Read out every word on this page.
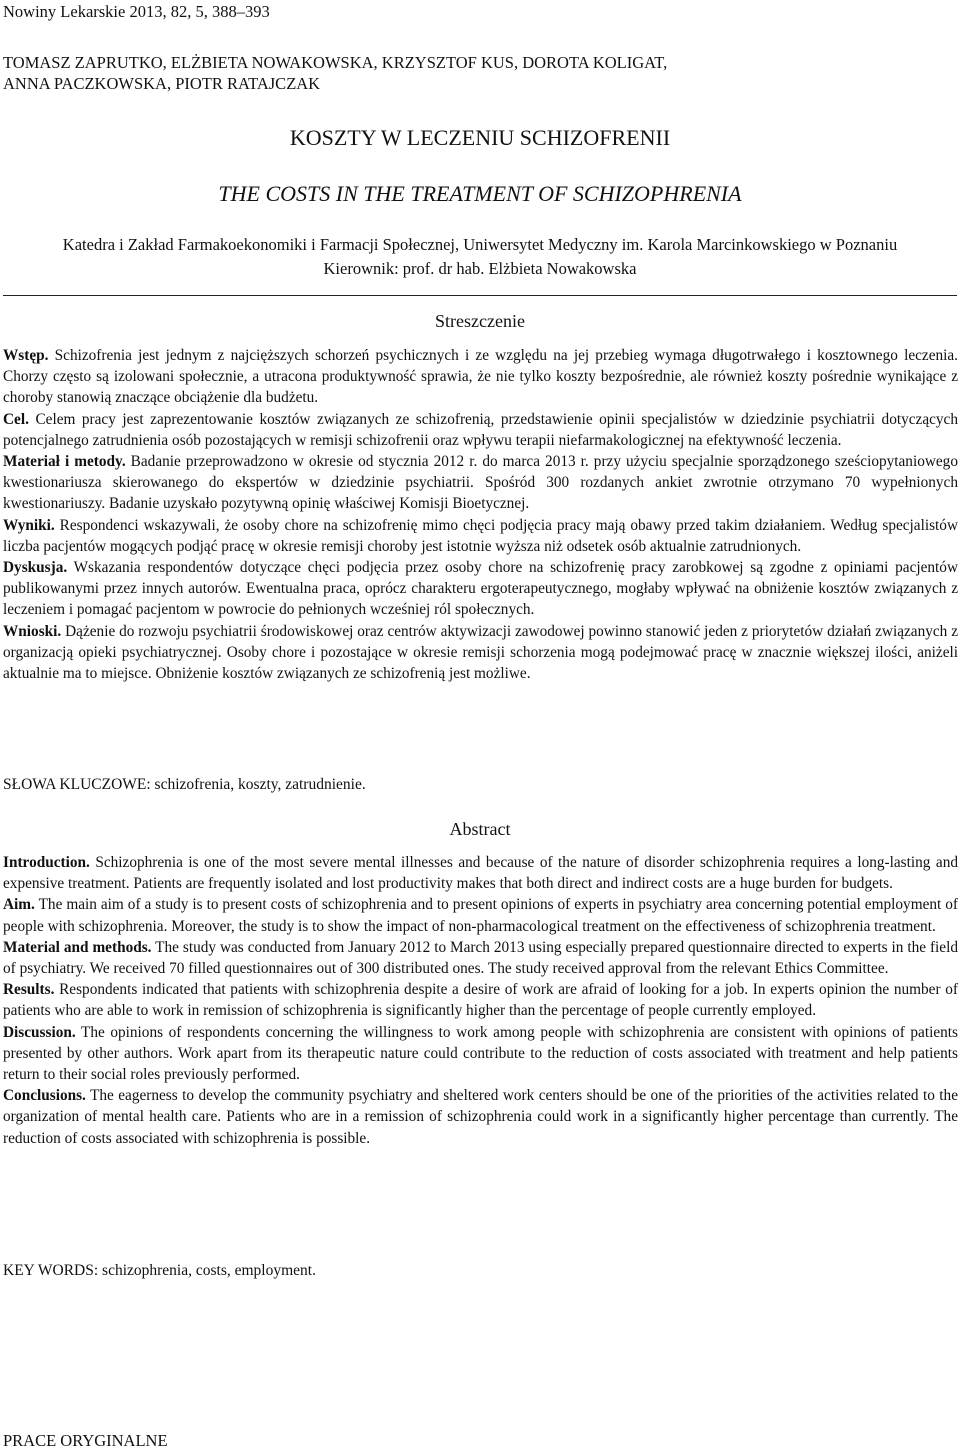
Nowiny Lekarskie 2013, 82, 5, 388–393
TOMASZ ZAPRUTKO, ELŻBIETA NOWAKOWSKA, KRZYSZTOF KUS, DOROTA KOLIGAT,
ANNA PACZKOWSKA, PIOTR RATAJCZAK
KOSZTY W LECZENIU SCHIZOFRENII
THE COSTS IN THE TREATMENT OF SCHIZOPHRENIA
Katedra i Zakład Farmakoekonomiki i Farmacji Społecznej, Uniwersytet Medyczny im. Karola Marcinkowskiego w Poznaniu
Kierownik: prof. dr hab. Elżbieta Nowakowska
Streszczenie

Wstęp. Schizofrenia jest jednym z najcięższych schorzeń psychicznych i ze względu na jej przebieg wymaga długotrwałego i kosztownego leczenia. Chorzy często są izolowani społecznie, a utracona produktywność sprawia, że nie tylko koszty bezpośrednie, ale również koszty pośrednie wynikające z choroby stanowią znaczące obciążenie dla budżetu.

Cel. Celem pracy jest zaprezentowanie kosztów związanych ze schizofrenią, przedstawienie opinii specjalistów w dziedzinie psychiatrii dotyczących potencjalnego zatrudnienia osób pozostających w remisji schizofrenii oraz wpływu terapii niefarmakologicznej na efektywność leczenia.

Materiał i metody. Badanie przeprowadzono w okresie od stycznia 2012 r. do marca 2013 r. przy użyciu specjalnie sporządzonego sześciopytaniowego kwestionariusza skierowanego do ekspertów w dziedzinie psychiatrii. Spośród 300 rozdanych ankiet zwrotnie otrzymano 70 wypełnionych kwestionariuszy. Badanie uzyskało pozytywną opinię właściwej Komisji Bioetycznej.

Wyniki. Respondenci wskazywali, że osoby chore na schizofrenię mimo chęci podjęcia pracy mają obawy przed takim działaniem. Według specjalistów liczba pacjentów mogących podjąć pracę w okresie remisji choroby jest istotnie wyższa niż odsetek osób aktualnie zatrudnionych.

Dyskusja. Wskazania respondentów dotyczące chęci podjęcia przez osoby chore na schizofrenię pracy zarobkowej są zgodne z opiniami pacjentów publikowanymi przez innych autorów. Ewentualna praca, oprócz charakteru ergoterapeutycznego, mogłaby wpływać na obniżenie kosztów związanych z leczeniem i pomagać pacjentom w powrocie do pełnionych wcześniej ról społecznych.

Wnioski. Dążenie do rozwoju psychiatrii środowiskowej oraz centrów aktywizacji zawodowej powinno stanowić jeden z priorytetów działań związanych z organizacją opieki psychiatrycznej. Osoby chore i pozostające w okresie remisji schorzenia mogą podejmować pracę w znacznie większej ilości, aniżeli aktualnie ma to miejsce. Obniżenie kosztów związanych ze schizofrenią jest możliwe.

SŁOWA KLUCZOWE: schizofrenia, koszty, zatrudnienie.
Abstract

Introduction. Schizophrenia is one of the most severe mental illnesses and because of the nature of disorder schizophrenia requires a long-lasting and expensive treatment. Patients are frequently isolated and lost productivity makes that both direct and indirect costs are a huge burden for budgets.

Aim. The main aim of a study is to present costs of schizophrenia and to present opinions of experts in psychiatry area concerning potential employment of people with schizophrenia. Moreover, the study is to show the impact of non-pharmacological treatment on the effectiveness of schizophrenia treatment.

Material and methods. The study was conducted from January 2012 to March 2013 using especially prepared questionnaire directed to experts in the field of psychiatry. We received 70 filled questionnaires out of 300 distributed ones. The study received approval from the relevant Ethics Committee.

Results. Respondents indicated that patients with schizophrenia despite a desire of work are afraid of looking for a job. In experts opinion the number of patients who are able to work in remission of schizophrenia is significantly higher than the percentage of people currently employed.

Discussion. The opinions of respondents concerning the willingness to work among people with schizophrenia are consistent with opinions of patients presented by other authors. Work apart from its therapeutic nature could contribute to the reduction of costs associated with treatment and help patients return to their social roles previously performed.

Conclusions. The eagerness to develop the community psychiatry and sheltered work centers should be one of the priorities of the activities related to the organization of mental health care. Patients who are in a remission of schizophrenia could work in a significantly higher percentage than currently. The reduction of costs associated with schizophrenia is possible.

KEY WORDS: schizophrenia, costs, employment.
PRACE ORYGINALNE
